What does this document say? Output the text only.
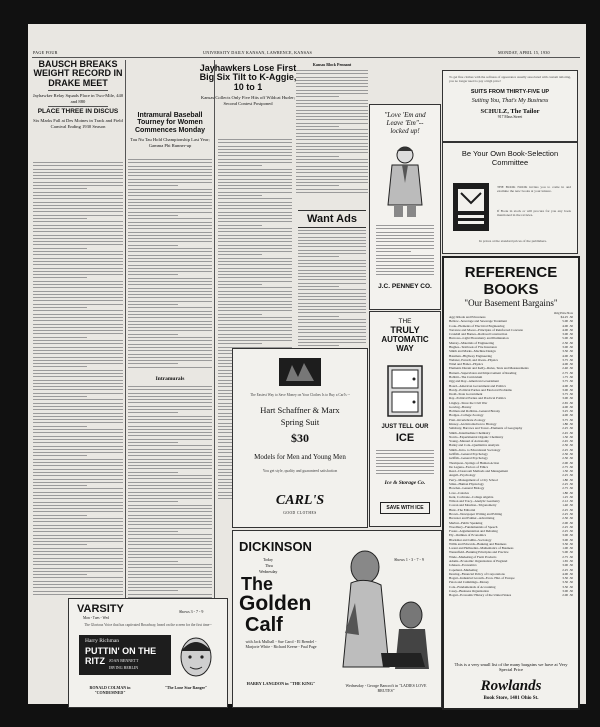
PAGE FOUR	UNIVERSITY DAILY KANSAN, LAWRENCE, KANSAS	MONDAY, APRIL 15, 1930
BAUSCH BREAKS WEIGHT RECORD IN DRAKE MEET
Jayhawker Relay Squads Place in Two-Mile, 440 and 880
PLACE THREE IN DISCUS
Six Marks Fall at Des Moines in Track and Field Carnival Ending 1930 Season
Intramural Baseball Tourney for Women Commences Monday
Tau Nu Tau Hold Championship Last Year; Gamma Phi Runner-up
Intramurals
Jayhawkers Lose First Big Six Tilt to K-Aggie, 10 to 1
Kansas Collects Only Five Hits off Wildcat Hurler; Second Contest Postponed
Kansas Block Pennant
Want Ads
"Love 'Em and
Leave 'Em"--
locked up!
J.C. PENNEY CO.
To get fine clothes with the softness of appearance usually associated with custom tailoring, you no longer need to pay a high price!
SUITS FROM THIRTY-FIVE UP
Suiting You, That's My Business
SCHULZ, The Tailor
917 Mass Street
Be Your Own Book-Selection Committee
THE BOOK NOOK invites you to come in and examine the new books at your leisure.
If Book in stock or will procure for you any book mentioned in the reviews.
In prices at the standard prices of the publishers.
THE
TRULY
AUTOMATIC
WAY
JUST TELL OUR
ICE
Ice & Storage Co.
SAVE WITH ICE
The Easiest Way to Save Money on Your Clothes Is to Buy a Carl's --
Hart Schaffner & Marx
Spring Suit
$30
Models for Men and Young Men
You get style, quality and guaranteed satisfaction
CARL'S
GOOD CLOTHES
DICKINSON
Today
Thru
Wednesday
The
Golden
Calf
Shows 1 - 3 - 7 - 9
with Jack Mulhall - Sue Carol - El Brendel - Marjorie White - Richard Keene - Paul Page
HARRY LANGDON in "THE KING"	Wednesday - George Bancroft in "LADIES LOVE BRUTES"
VARSITY
Mon - Tues - Wed
Shows 3 - 7 - 9
The Glorious Voice that has captivated Broadway, heard on the screen for the first time--
Harry Richman
PUTTIN' ON THE RITZ	JOAN BENNETT
IRVING BERLIN
RONALD COLMAN in "CONDEMNED"
"The Lone Star Ranger"
REFERENCE BOOKS
"Our Basement Bargains"
Orig Price Now
Agg: Rhoda and Princeness	$4.25 .50
Bellow--Sewerage and Sewerage Treatment	5.00 .50
Cook--Elements of Electrical Engineering	4.00 .50
Torrance and Moore--Principles of Reinforced Concrete	4.00 .50
Crandall and Barnes--Railroad Construction	3.00 .50
Burrows--Light Photometry and Illumination	5.00 .50
Murray--Materials of Engineering	2.50 .50
Hughes--Textbook of Fire Insurance	3.00 .50
Smith and Marks--Machine Design	3.50 .50
Bateman--Highway Engineering	4.00 .50
Webster, Purcell, and Owen--Physics	3.75 .50
Wind and Fisher--Physics	4.00 .50
Elements Durant and Kelly--Rules, Tests and Measurements	2.40 .50
Burnett--Supervision and Improvement of Reading	2.75 .50
Bobbitt--The Curriculum	1.75 .50
Ogg and Ray--American Government	3.75 .50
Board--American Government and Politics	4.00 .50
Hardy--Political Parties and Electoral Problems	3.00 .50
Dodd--State Government	3.75 .50
Ray--Political Parties and Practical Politics	3.00 .50
Lingley--Since the Civil War	2.65 .50
Gowing--Botany	4.00 .50
Holman and Robbins--General Botany	3.25 .50
Hodges--College Zoology	4.00 .50
Pratt--Invertebrate Zoology	3.75 .50
Kinsey--An Introduction to Biology	1.80 .50
Salisbury, Barrows and Tower--Elements of Geography	2.25 .50
Smith--Intermediate Chemistry	2.45 .50
Norris--Experimental Organic Chemistry	1.50 .50
Young--Manual of Astronomy	2.45 .50
Bailey and Cole--Qualitative Analysis	2.50 .50
Smith--Intro. to Educational Sociology	2.25 .50
Griffith--General Psychology	2.50 .50
Griffith--General Psychology	2.50 .50
Thompson--Springs of Human Action	2.00 .50
De Laguna--Factors of Ethics	2.75 .50
Reed--Classroom Methods and Management	1.50 .50
Angell--Psychology	2.25 .50
Perry--Management of a City School	1.80 .50
Stiles--Human Physiology	2.25 .50
Howden--General Biology	2.75 .50
Love--Calories	1.80 .50
Kent, Cochrane--College Algebra	1.25 .50
Wilson and Tracy--Analytic Geometry	2.12 .50
Cowan and Moulton--Trigonometry	1.40 .50
Hunt--The Editorial	2.25 .50
Brown--Newspaper Writing and Editing	2.25 .50
Brewster and Palmer--Advertising	2.50 .50
Marbut--Public Speaking	2.00 .50
Woodbury--Fundamentals of Speech	2.25 .50
Foster--Argumentation and Debating	2.25 .50
Ely--Outlines of Economics	3.00 .50
Blackmar and Gillin--Sociology	3.00 .50
Willis and Edwards--Banking and Business	3.50 .50
Lorent and Hellweiler--Mathematics of Business	1.00 .50
Westerfield--Banking Principles and Practice	5.00 .50
Wiele--Marketing of Farm Products	2.75 .50
Adams--Economic Organization of England	1.65 .50
Johnson--Economics	3.00 .50
Copeland--Marketing	2.25 .50
Dewing--Financial Policy of Corporations	4.00 .50
Bogart--Industrial Growth--Econ. Hist. of Europe	3.50 .50
Paton and Cummings--Money	3.50 .50
Cole--Fundamentals of Accounting	3.50 .50
Casey--Business Organization	3.00 .50
Bogart--Economic History of the United States	2.00 .50
This is a very small list of the many bargains we have at Very Special Price
Rowlands
Book Store, 1401 Ohio St.
